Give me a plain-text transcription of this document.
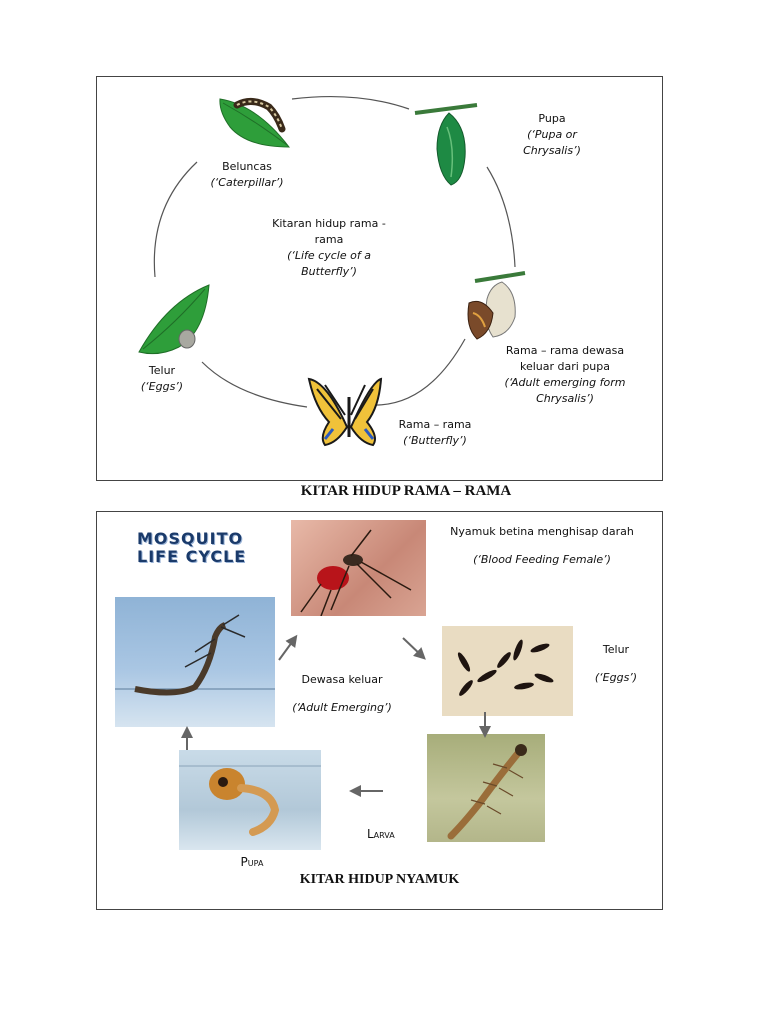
Kitaran hidup rama -
rama
(‘Life cycle of a
Butterfly’)
Pupa
(‘Pupa or
Chrysalis’)
Beluncas
(‘Caterpillar’)
Rama – rama dewasa
keluar dari pupa
(‘Adult emerging form
Chrysalis’)
Telur
(‘Eggs’)
Rama – rama
(‘Butterfly’)
KITAR HIDUP RAMA – RAMA
MOSQUITO
LIFE CYCLE
Nyamuk betina menghisap darah
(‘Blood Feeding Female’)
Dewasa keluar
(‘Adult Emerging’)
Telur
(‘Eggs’)
Larva
Pupa
KITAR HIDUP NYAMUK
